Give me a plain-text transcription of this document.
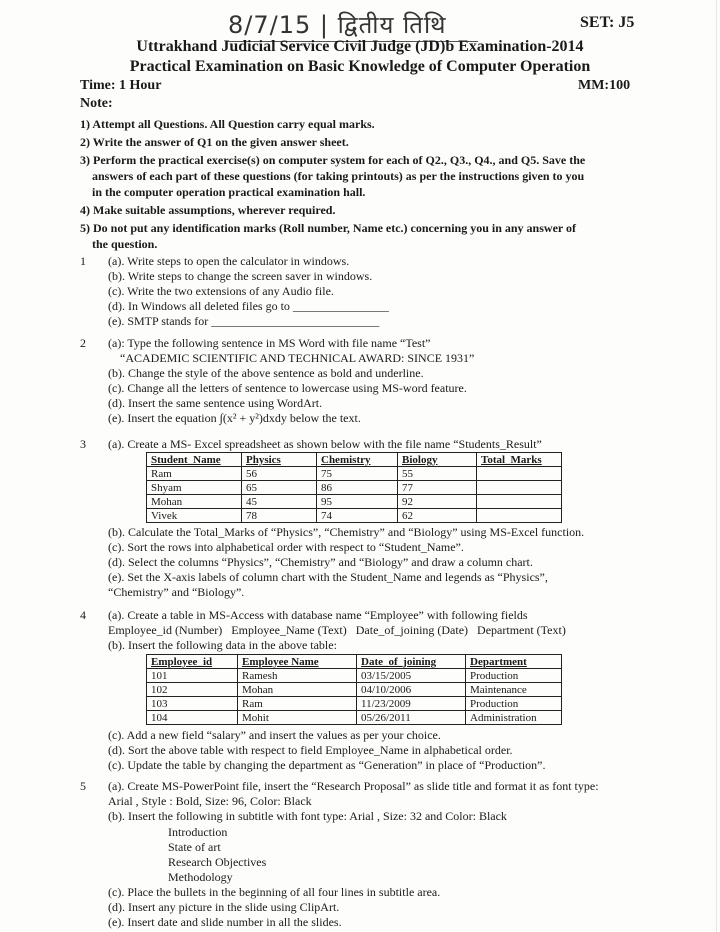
8/7/15 | द्वितीय तिथि	SET: J5
Uttrakhand Judicial Service Civil Judge (JD)b Examination-2014
Practical Examination on Basic Knowledge of Computer Operation
Time: 1 Hour	MM:100
Note:
1) Attempt all Questions. All Question carry equal marks.
2) Write the answer of Q1 on the given answer sheet.
3) Perform the practical exercise(s) on computer system for each of Q2., Q3., Q4., and Q5. Save the
answers of each part of these questions (for taking printouts) as per the instructions given to you
in the computer operation practical examination hall.
4) Make suitable assumptions, wherever required.
5) Do not put any identification marks (Roll number, Name etc.) concerning you in any answer of
the question.
1 (a). Write steps to open the calculator in windows.
(b). Write steps to change the screen saver in windows.
(c). Write the two extensions of any Audio file.
(d). In Windows all deleted files go to ________________
(e). SMTP stands for ____________________________
2 (a): Type the following sentence in MS Word with file name “Test”
“ACADEMIC SCIENTIFIC AND TECHNICAL AWARD: SINCE 1931”
(b). Change the style of the above sentence as bold and underline.
(c). Change all the letters of sentence to lowercase using MS-word feature.
(d). Insert the same sentence using WordArt.
(e). Insert the equation ∫(x² + y²)dxdy below the text.
3 (a). Create a MS- Excel spreadsheet as shown below with the file name “Students_Result”
Student_Name	Physics	Chemistry	Biology	Total_Marks
Ram	56	75	55	
Shyam	65	86	77	
Mohan	45	95	92	
Vivek	78	74	62	
(b). Calculate the Total_Marks of “Physics”, “Chemistry” and “Biology” using MS-Excel function.
(c). Sort the rows into alphabetical order with respect to “Student_Name”.
(d). Select the columns “Physics”, “Chemistry” and “Biology” and draw a column chart.
(e). Set the X-axis labels of column chart with the Student_Name and legends as “Physics”,
“Chemistry” and “Biology”.
4 (a). Create a table in MS-Access with database name “Employee” with following fields
Employee_id (Number)   Employee_Name (Text)   Date_of_joining (Date)   Department (Text)
(b). Insert the following data in the above table:
Employee_id	Employee Name	Date_of_joining	Department
101	Ramesh	03/15/2005	Production
102	Mohan	04/10/2006	Maintenance
103	Ram	11/23/2009	Production
104	Mohit	05/26/2011	Administration
(c). Add a new field “salary” and insert the values as per your choice.
(d). Sort the above table with respect to field Employee_Name in alphabetical order.
(c). Update the table by changing the department as “Generation” in place of “Production”.
5 (a). Create MS-PowerPoint file, insert the “Research Proposal” as slide title and format it as font type:
Arial , Style : Bold, Size: 96, Color: Black
(b). Insert the following in subtitle with font type: Arial , Size: 32 and Color: Black
Introduction
State of art
Research Objectives
Methodology
(c). Place the bullets in the beginning of all four lines in subtitle area.
(d). Insert any picture in the slide using ClipArt.
(e). Insert date and slide number in all the slides.
